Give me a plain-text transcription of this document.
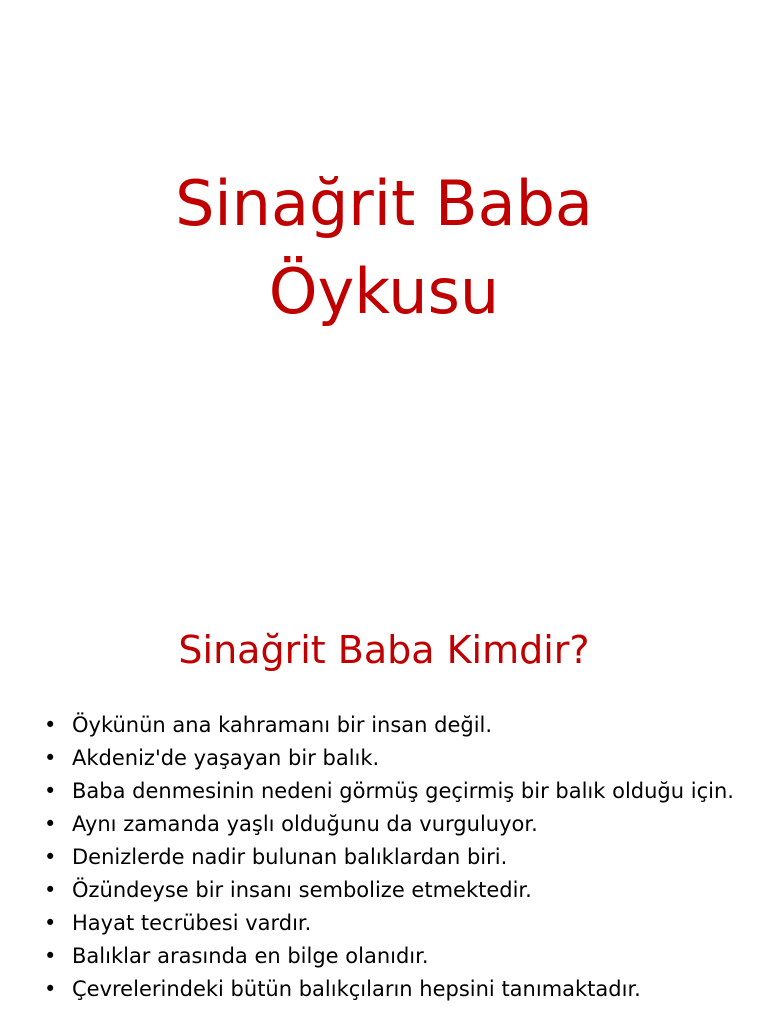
Sinağrit Baba
Öykusu
Sinağrit Baba Kimdir?
• Öykünün ana kahramanı bir insan değil.
• Akdeniz'de yaşayan bir balık.
• Baba denmesinin nedeni görmüş geçirmiş bir balık olduğu için.
• Aynı zamanda yaşlı olduğunu da vurguluyor.
• Denizlerde nadir bulunan balıklardan biri.
• Özündeyse bir insanı sembolize etmektedir.
• Hayat tecrübesi vardır.
• Balıklar arasında en bilge olanıdır.
• Çevrelerindeki bütün balıkçıların hepsini tanımaktadır.
